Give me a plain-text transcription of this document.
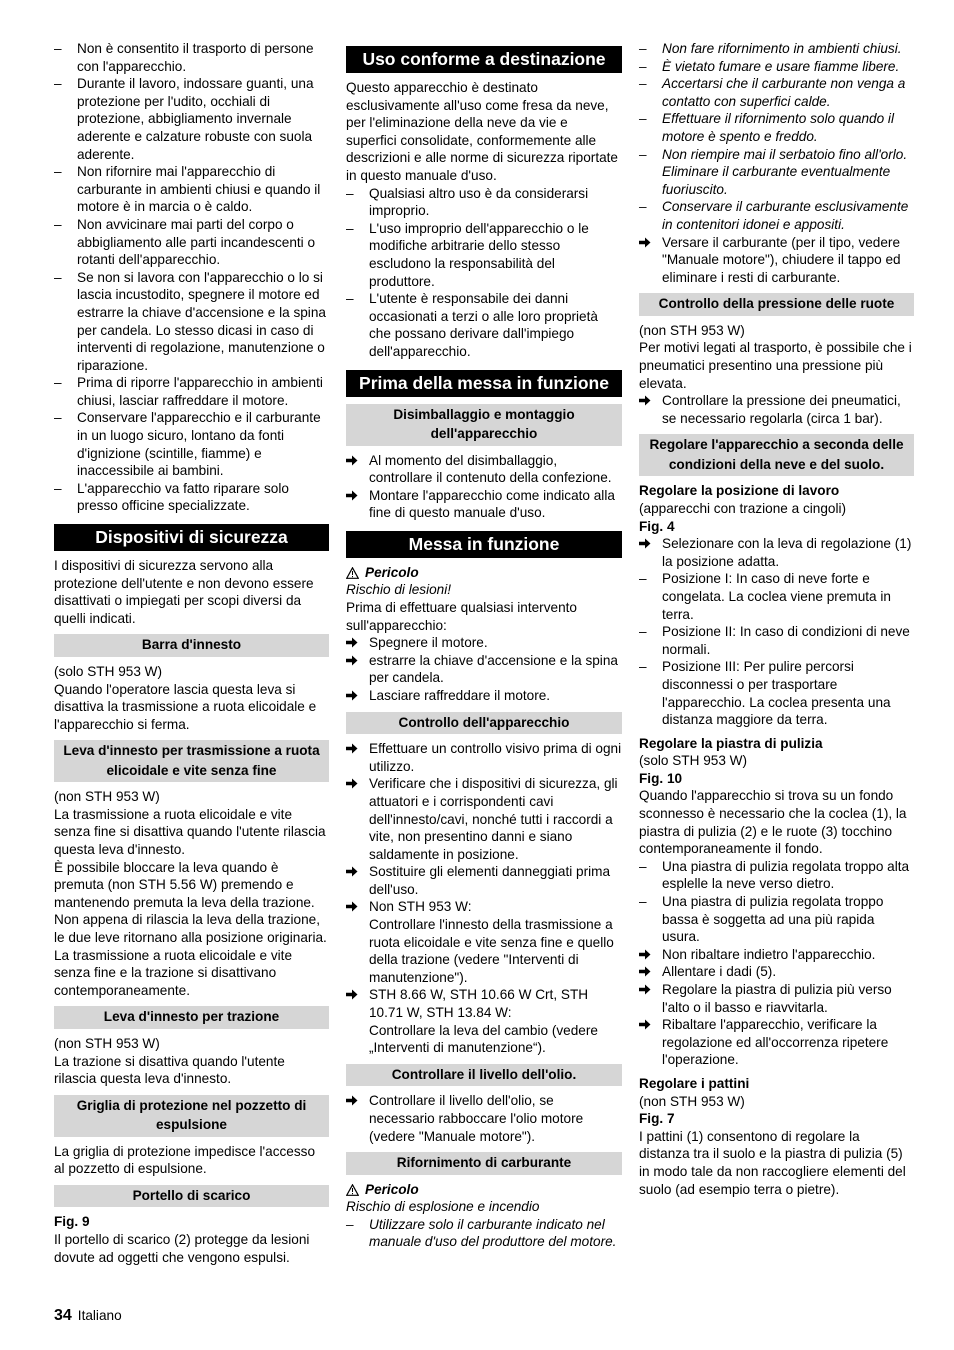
–	Non è consentito il trasporto di persone con l'apparecchio.
–	Durante il lavoro, indossare guanti, una protezione per l'udito, occhiali di protezione, abbigliamento invernale aderente e calzature robuste con suola aderente.
–	Non rifornire mai l'apparecchio di carburante in ambienti chiusi e quando il motore è in marcia o è caldo.
–	Non avvicinare mai parti del corpo o abbigliamento alle parti incandescenti o rotanti dell'apparecchio.
–	Se non si lavora con l'apparecchio o lo si lascia incustodito, spegnere il motore ed estrarre la chiave d'accensione e la spina per candela. Lo stesso dicasi in caso di interventi di regolazione, manutenzione o riparazione.
–	Prima di riporre l'apparecchio in ambienti chiusi, lasciar raffreddare il motore.
–	Conservare l'apparecchio e il carburante in un luogo sicuro, lontano da fonti d'ignizione (scintille, fiamme) e inaccessibile ai bambini.
–	L'apparecchio va fatto riparare solo presso officine specializzate.
Dispositivi di sicurezza

I dispositivi di sicurezza servono alla protezione dell'utente e non devono essere disattivati o impiegati per scopi diversi da quelli indicati.

Barra d'innesto

(solo STH 953 W)

Quando l'operatore lascia questa leva si disattiva la trasmissione a ruota elicoidale e l'apparecchio si ferma.

Leva d'innesto per trasmissione a ruota elicoidale e vite senza fine

(non STH 953 W)

La trasmissione a ruota elicoidale e vite senza fine si disattiva quando l'utente rilascia questa leva d'innesto.

È possibile bloccare la leva quando è premuta (non STH 5.56 W) premendo e mantenendo premuta la leva della trazione. Non appena di rilascia la leva della trazione, le due leve ritornano alla posizione originaria. La trasmissione a ruota elicoidale e vite senza fine e la trazione si disattivano contemporaneamente.

Leva d'innesto per trazione

(non STH 953 W)

La trazione si disattiva quando l'utente rilascia questa leva d'innesto.

Griglia di protezione nel pozzetto di espulsione

La griglia di protezione impedisce l'accesso al pozzetto di espulsione.

Portello di scarico

Fig. 9

Il portello di scarico (2) protegge da lesioni dovute ad oggetti che vengono espulsi.

Uso conforme a destinazione

Questo apparecchio è destinato esclusivamente all'uso come fresa da neve, per l'eliminazione della neve da vie e superfici consolidate, conformemente alle descrizioni e alle norme di sicurezza riportate in questo manuale d'uso.

–	Qualsiasi altro uso è da considerarsi improprio.
–	L'uso improprio dell'apparecchio o le modifiche arbitrarie dello stesso escludono la responsabilità del produttore.
–	L'utente è responsabile dei danni occasionati a terzi o alle loro proprietà che possano derivare dall'impiego dell'apparecchio.
Prima della messa in funzione
Disimballaggio e montaggio dell'apparecchio
Al momento del disimballaggio, controllare il contenuto della confezione.
Montare l'apparecchio come indicato alla fine di questo manuale d'uso.
Messa in funzione

Pericolo

Rischio di lesioni!

Prima di effettuare qualsiasi intervento sull'apparecchio:

Spegnere il motore.
estrarre la chiave d'accensione e la spina per candela.
Lasciare raffreddare il motore.
Controllo dell'apparecchio
Effettuare un controllo visivo prima di ogni utilizzo.
Verificare che i dispositivi di sicurezza, gli attuatori e i corrispondenti cavi dell'innesto/cavi, nonché tutti i raccordi a vite, non presentino danni e siano saldamente in posizione.
Sostituire gli elementi danneggiati prima dell'uso.
Non STH 953 W:

Controllare l'innesto della trasmissione a ruota elicoidale e vite senza fine e quello della trazione (vedere "Interventi di manutenzione").

STH 8.66 W, STH 10.66 W Crt, STH 10.71 W, STH 13.84 W:

Controllare la leva del cambio (vedere „Interventi di manutenzione“).

Controllare il livello dell'olio.
Controllare il livello dell'olio, se necessario rabboccare l'olio motore (vedere "Manuale motore").
Rifornimento di carburante

Pericolo

Rischio di esplosione e incendio

–	Utilizzare solo il carburante indicato nel manuale d'uso del produttore del motore.
–	Non fare rifornimento in ambienti chiusi.
–	È vietato fumare e usare fiamme libere.
–	Accertarsi che il carburante non venga a contatto con superfici calde.
–	Effettuare il rifornimento solo quando il motore è spento e freddo.
–	Non riempire mai il serbatoio fino all'orlo. Eliminare il carburante eventualmente fuoriuscito.
–	Conservare il carburante esclusivamente in contenitori idonei e appositi.
Versare il carburante (per il tipo, vedere "Manuale motore"), chiudere il tappo ed eliminare i resti di carburante.
Controllo della pressione delle ruote

(non STH 953 W)

Per motivi legati al trasporto, è possibile che i pneumatici presentino una pressione più elevata.

Controllare la pressione dei pneumatici, se necessario regolarla (circa 1 bar).
Regolare l'apparecchio a seconda delle condizioni della neve e del suolo.

Regolare la posizione di lavoro

(apparecchi con trazione a cingoli)

Fig. 4

Selezionare con la leva di regolazione (1) la posizione adatta.
–	Posizione I: In caso di neve forte e congelata. La coclea viene premuta in terra.
–	Posizione II: In caso di condizioni di neve normali.
–	Posizione III: Per pulire percorsi disconnessi o per trasportare l'apparecchio. La coclea presenta una distanza maggiore da terra.

Regolare la piastra di pulizia

(solo STH 953 W)

Fig. 10

Quando l'apparecchio si trova su un fondo sconnesso è necessario che la coclea (1), la piastra di pulizia (2) e le ruote (3) tocchino contemporaneamente il fondo.

–	Una piastra di pulizia regolata troppo alta esplelle la neve verso dietro.
–	Una piastra di pulizia regolata troppo bassa è soggetta ad una più rapida usura.
Non ribaltare indietro l'apparecchio.
Allentare i dadi (5).
Regolare la piastra di pulizia più verso l'alto o il basso e riavvitarla.
Ribaltare l'apparecchio, verificare la regolazione ed all'occorrenza ripetere l'operazione.

Regolare i pattini

(non STH 953 W)

Fig. 7

I pattini (1) consentono di regolare la distanza tra il suolo e la piastra di pulizia (5) in modo tale da non raccogliere elementi del suolo (ad esempio terra o pietre).

34 Italiano
